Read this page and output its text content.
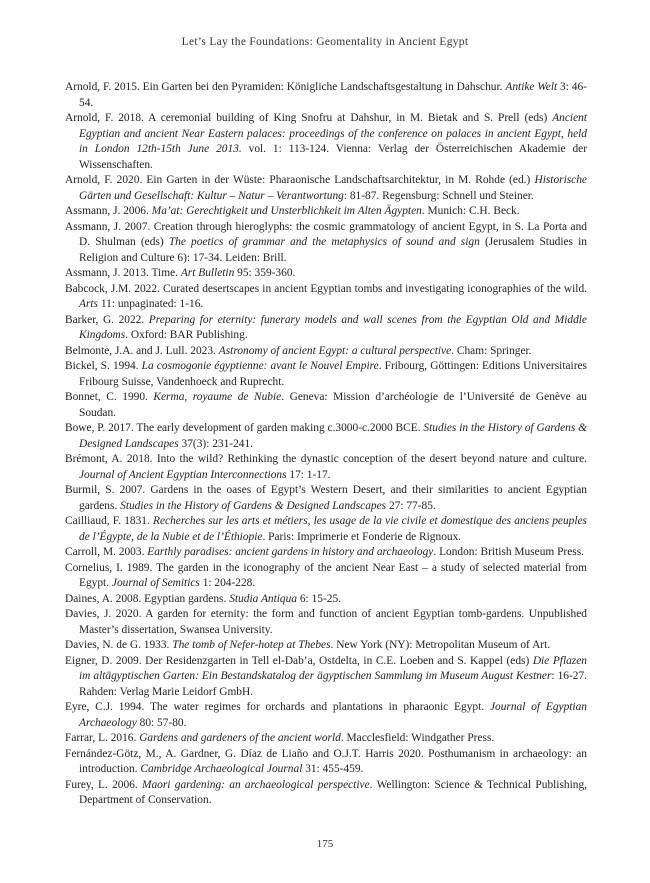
Let’s Lay the Foundations: Geomentality in Ancient Egypt
Arnold, F. 2015. Ein Garten bei den Pyramiden: Königliche Landschaftsgestaltung in Dahschur. Antike Welt 3: 46-54.
Arnold, F. 2018. A ceremonial building of King Snofru at Dahshur, in M. Bietak and S. Prell (eds) Ancient Egyptian and ancient Near Eastern palaces: proceedings of the conference on palaces in ancient Egypt, held in London 12th-15th June 2013. vol. 1: 113-124. Vienna: Verlag der Österreichischen Akademie der Wissenschaften.
Arnold, F. 2020. Ein Garten in der Wüste: Pharaonische Landschaftsarchitektur, in M. Rohde (ed.) Historische Gärten und Gesellschaft: Kultur – Natur – Verantwortung: 81-87. Regensburg: Schnell und Steiner.
Assmann, J. 2006. Ma’at: Gerechtigkeit und Unsterblichkeit im Alten Ägypten. Munich: C.H. Beck.
Assmann, J. 2007. Creation through hieroglyphs: the cosmic grammatology of ancient Egypt, in S. La Porta and D. Shulman (eds) The poetics of grammar and the metaphysics of sound and sign (Jerusalem Studies in Religion and Culture 6): 17-34. Leiden: Brill.
Assmann, J. 2013. Time. Art Bulletin 95: 359-360.
Babcock, J.M. 2022. Curated desertscapes in ancient Egyptian tombs and investigating iconographies of the wild. Arts 11: unpaginated: 1-16.
Barker, G. 2022. Preparing for eternity: funerary models and wall scenes from the Egyptian Old and Middle Kingdoms. Oxford: BAR Publishing.
Belmonte, J.A. and J. Lull. 2023. Astronomy of ancient Egypt: a cultural perspective. Cham: Springer.
Bickel, S. 1994. La cosmogonie égyptienne: avant le Nouvel Empire. Fribourg, Göttingen: Editions Universitaires Fribourg Suisse, Vandenhoeck and Ruprecht.
Bonnet, C. 1990. Kerma, royaume de Nubie. Geneva: Mission d’archéologie de l’Université de Genève au Soudan.
Bowe, P. 2017. The early development of garden making c.3000-c.2000 BCE. Studies in the History of Gardens & Designed Landscapes 37(3): 231-241.
Brémont, A. 2018. Into the wild? Rethinking the dynastic conception of the desert beyond nature and culture. Journal of Ancient Egyptian Interconnections 17: 1-17.
Burmil, S. 2007. Gardens in the oases of Egypt’s Western Desert, and their similarities to ancient Egyptian gardens. Studies in the History of Gardens & Designed Landscapes 27: 77-85.
Cailliaud, F. 1831. Recherches sur les arts et métiers, les usage de la vie civile et domestique des anciens peuples de l’Égypte, de la Nubie et de l’Éthiopie. Paris: Imprimerie et Fonderie de Rignoux.
Carroll, M. 2003. Earthly paradises: ancient gardens in history and archaeology. London: British Museum Press.
Cornelius, I. 1989. The garden in the iconography of the ancient Near East – a study of selected material from Egypt. Journal of Semitics 1: 204-228.
Daines, A. 2008. Egyptian gardens. Studia Antiqua 6: 15-25.
Davies, J. 2020. A garden for eternity: the form and function of ancient Egyptian tomb-gardens. Unpublished Master’s dissertation, Swansea University.
Davies, N. de G. 1933. The tomb of Nefer-hotep at Thebes. New York (NY): Metropolitan Museum of Art.
Eigner, D. 2009. Der Residenzgarten in Tell el-Dab’a, Ostdelta, in C.E. Loeben and S. Kappel (eds) Die Pflazen im altägyptischen Garten: Ein Bestandskatalog der ägyptischen Sammlung im Museum August Kestner: 16-27. Rahden: Verlag Marie Leidorf GmbH.
Eyre, C.J. 1994. The water regimes for orchards and plantations in pharaonic Egypt. Journal of Egyptian Archaeology 80: 57-80.
Farrar, L. 2016. Gardens and gardeners of the ancient world. Macclesfield: Windgather Press.
Fernández-Götz, M., A. Gardner, G. Díaz de Liaño and O.J.T. Harris 2020. Posthumanism in archaeology: an introduction. Cambridge Archaeological Journal 31: 455-459.
Furey, L. 2006. Maori gardening: an archaeological perspective. Wellington: Science & Technical Publishing, Department of Conservation.
175
